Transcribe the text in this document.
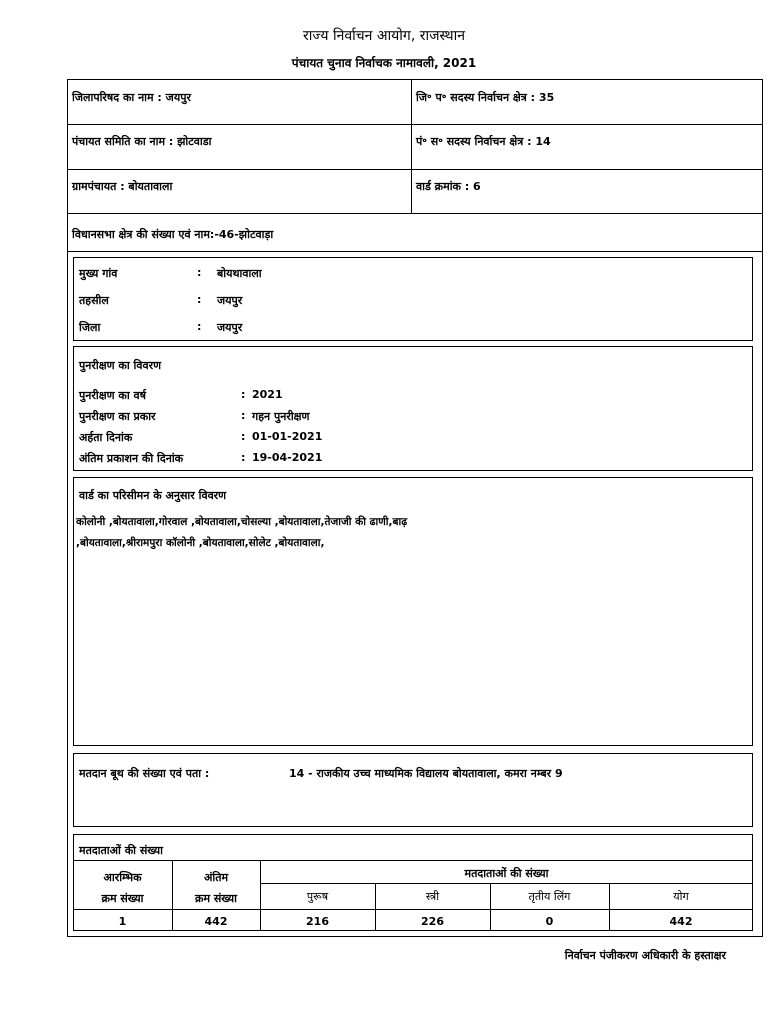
राज्य निर्वाचन आयोग, राजस्थान
पंचायत चुनाव निर्वाचक नामावली, 2021
जिलापरिषद का नाम : जयपुर	जि॰ प॰ सदस्य निर्वाचन क्षेत्र : 35
पंचायत समिति का नाम : झोटवाडा	पं॰ स॰ सदस्य निर्वाचन क्षेत्र : 14
ग्रामपंचायत : बोयतावाला	वार्ड क्रमांक : 6
विधानसभा क्षेत्र की संख्या एवं नाम:-46-झोटवाड़ा
मुख्य गांव	: बोयथावाला
तहसील	: जयपुर
जिला	: जयपुर
पुनरीक्षण का विवरण
पुनरीक्षण का वर्ष	: 2021
पुनरीक्षण का प्रकार	: गहन पुनरीक्षण
अर्हता दिनांक	: 01-01-2021
अंतिम प्रकाशन की दिनांक	: 19-04-2021
वार्ड का परिसीमन के अनुसार विवरण
कोलोनी ,बोयतावाला,गोरवाल ,बोयतावाला,चोसल्या ,बोयतावाला,तेजाजी की ढाणी,बाढ़
,बोयतावाला,श्रीरामपुरा कॉलोनी ,बोयतावाला,सोलेट ,बोयतावाला,
मतदान बूथ की संख्या एवं पता :	14 - राजकीय उच्च माध्यमिक विद्यालय बोयतावाला, कमरा नम्बर 9
मतदाताओं की संख्या
आरम्भिक
क्रम संख्या
अंतिम
क्रम संख्या
मतदाताओं की संख्या
पुरूष	स्त्री	तृतीय लिंग	योग
1	442	216	226	0	442
निर्वाचन पंजीकरण अधिकारी के हस्ताक्षर
